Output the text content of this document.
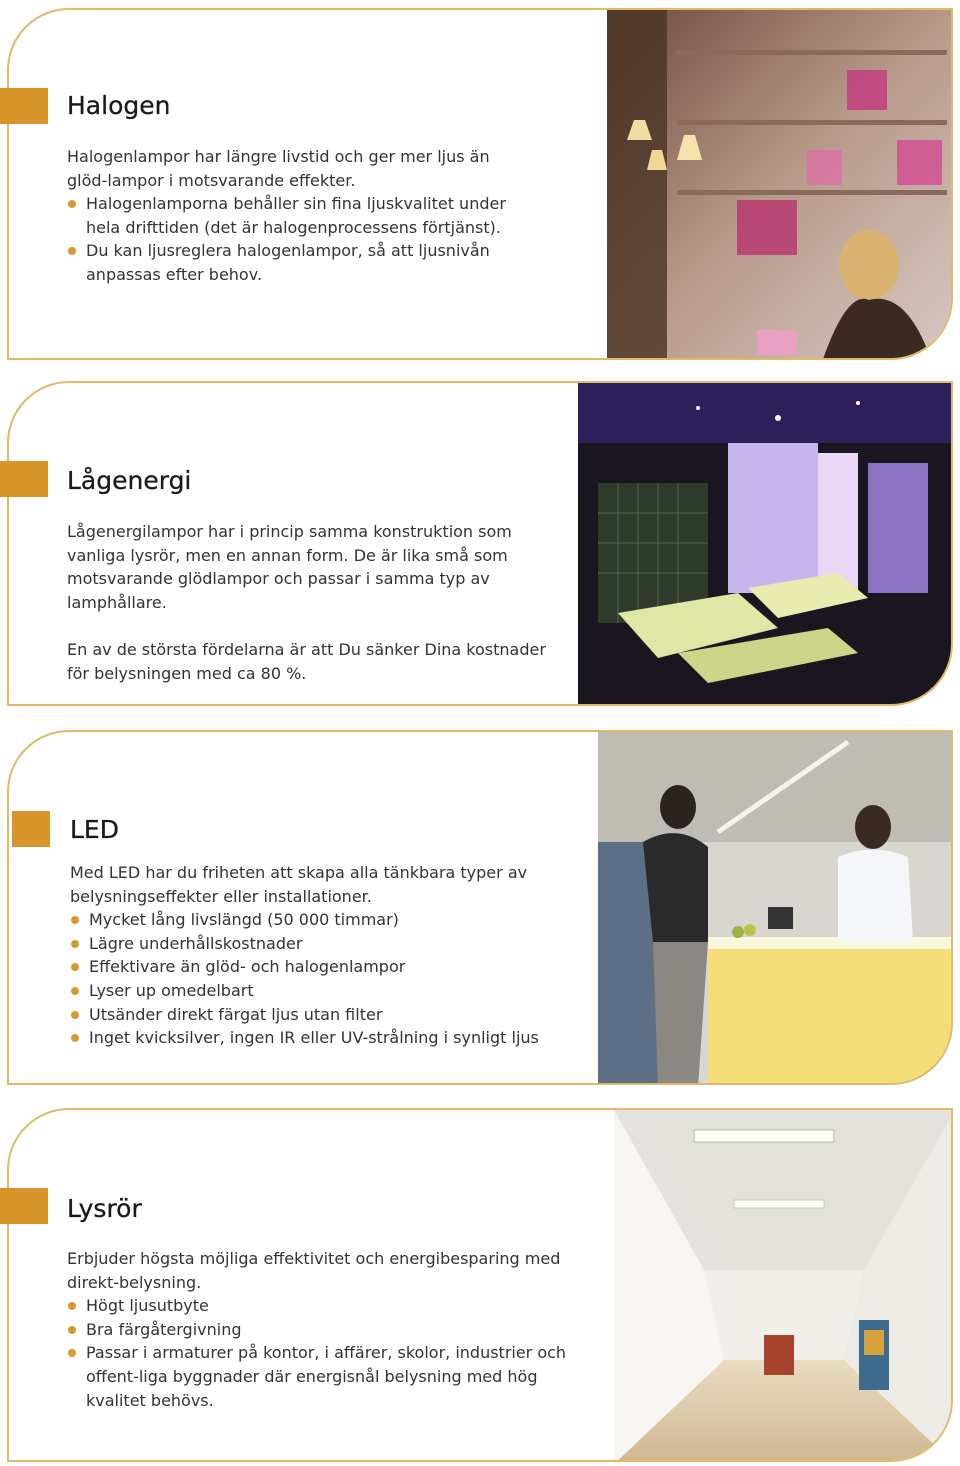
Halogen

Halogenlampor har längre livstid och ger mer ljus än glöd-lampor i motsvarande effekter.

Halogenlamporna behåller sin fina ljuskvalitet under hela drifttiden (det är halogenprocessens förtjänst).
Du kan ljusreglera halogenlampor, så att ljusnivån anpassas efter behov.
Lågenergi

Lågenergilampor har i princip samma konstruktion som vanliga lysrör, men en annan form. De är lika små som motsvarande glödlampor och passar i samma typ av lamphållare.

En av de största fördelarna är att Du sänker Dina kostnader för belysningen med ca 80 %.

LED

Med LED har du friheten att skapa alla tänkbara typer av belysningseffekter eller installationer.

Mycket lång livslängd (50 000 timmar)
Lägre underhållskostnader
Effektivare än glöd- och halogenlampor
Lyser up omedelbart
Utsänder direkt färgat ljus utan filter
Inget kvicksilver, ingen IR eller UV-strålning i synligt ljus
Lysrör

Erbjuder högsta möjliga effektivitet och energibesparing med direkt-belysning.

Högt ljusutbyte
Bra färgåtergivning
Passar i armaturer på kontor, i affärer, skolor, industrier och offent-liga byggnader där energisnål belysning med hög kvalitet behövs.
